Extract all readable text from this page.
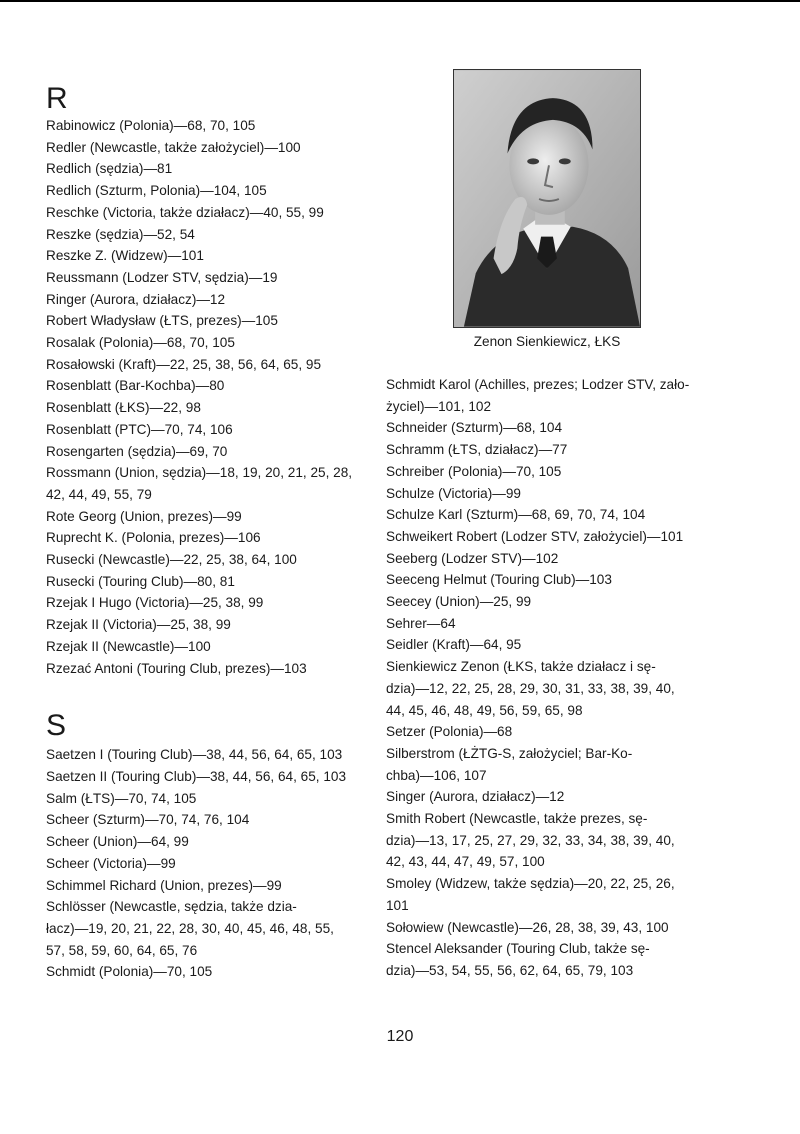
R
Rabinowicz (Polonia)—68, 70, 105
Redler (Newcastle, także założyciel)—100
Redlich (sędzia)—81
Redlich (Szturm, Polonia)—104, 105
Reschke (Victoria, także działacz)—40, 55, 99
Reszke (sędzia)—52, 54
Reszke Z. (Widzew)—101
Reussmann (Lodzer STV, sędzia)—19
Ringer (Aurora, działacz)—12
Robert Władysław (ŁTS, prezes)—105
Rosalak (Polonia)—68, 70, 105
Rosałowski (Kraft)—22, 25, 38, 56, 64, 65, 95
Rosenblatt (Bar-Kochba)—80
Rosenblatt (ŁKS)—22, 98
Rosenblatt (PTC)—70, 74, 106
Rosengarten (sędzia)—69, 70
Rossmann (Union, sędzia)—18, 19, 20, 21, 25, 28,
42, 44, 49, 55, 79
Rote Georg (Union, prezes)—99
Ruprecht K. (Polonia, prezes)—106
Rusecki (Newcastle)—22, 25, 38, 64, 100
Rusecki (Touring Club)—80, 81
Rzejak I Hugo (Victoria)—25, 38, 99
Rzejak II (Victoria)—25, 38, 99
Rzejak II (Newcastle)—100
Rzezać Antoni (Touring Club, prezes)—103
S
Saetzen I (Touring Club)—38, 44, 56, 64, 65, 103
Saetzen II (Touring Club)—38, 44, 56, 64, 65, 103
Salm (ŁTS)—70, 74, 105
Scheer (Szturm)—70, 74, 76, 104
Scheer (Union)—64, 99
Scheer (Victoria)—99
Schimmel Richard (Union, prezes)—99
Schlösser (Newcastle, sędzia, także dzia-
łacz)—19, 20, 21, 22, 28, 30, 40, 45, 46, 48, 55,
57, 58, 59, 60, 64, 65, 76
Schmidt (Polonia)—70, 105
Zenon Sienkiewicz, ŁKS
Schmidt Karol (Achilles, prezes; Lodzer STV, zało-
życiel)—101, 102
Schneider (Szturm)—68, 104
Schramm (ŁTS, działacz)—77
Schreiber (Polonia)—70, 105
Schulze (Victoria)—99
Schulze Karl (Szturm)—68, 69, 70, 74, 104
Schweikert Robert (Lodzer STV, założyciel)—101
Seeberg (Lodzer STV)—102
Seeceng Helmut (Touring Club)—103
Seecey (Union)—25, 99
Sehrer—64
Seidler (Kraft)—64, 95
Sienkiewicz Zenon (ŁKS, także działacz i sę-
dzia)—12, 22, 25, 28, 29, 30, 31, 33, 38, 39, 40,
44, 45, 46, 48, 49, 56, 59, 65, 98
Setzer (Polonia)—68
Silberstrom (ŁŻTG-S, założyciel; Bar-Ko-
chba)—106, 107
Singer (Aurora, działacz)—12
Smith Robert (Newcastle, także prezes, sę-
dzia)—13, 17, 25, 27, 29, 32, 33, 34, 38, 39, 40,
42, 43, 44, 47, 49, 57, 100
Smoley (Widzew, także sędzia)—20, 22, 25, 26,
101
Sołowiew (Newcastle)—26, 28, 38, 39, 43, 100
Stencel Aleksander (Touring Club, także sę-
dzia)—53, 54, 55, 56, 62, 64, 65, 79, 103
120
